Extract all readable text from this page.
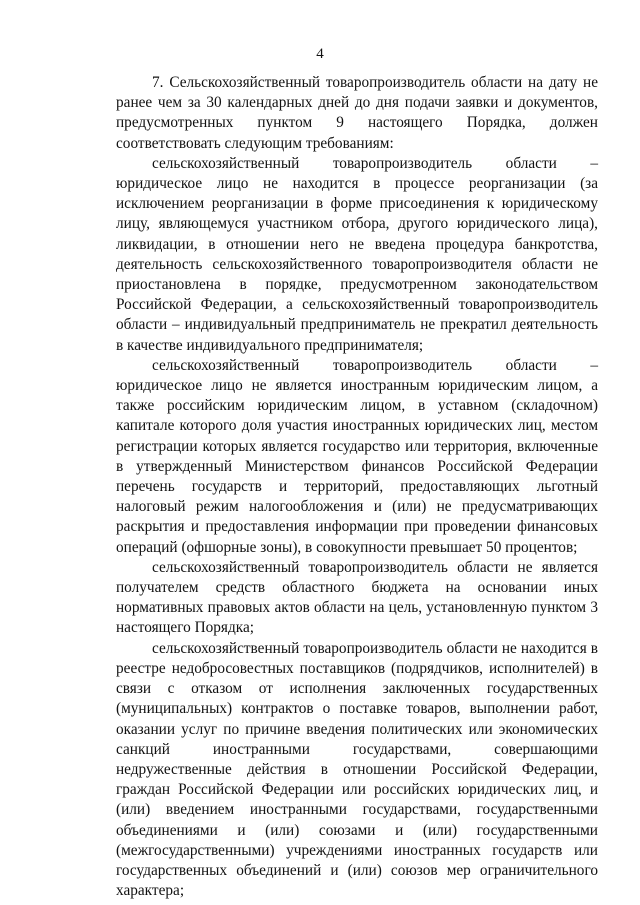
4

7. Сельскохозяйственный товаропроизводитель области на дату не ранее чем за 30 календарных дней до дня подачи заявки и документов, предусмотренных пунктом 9 настоящего Порядка, должен соответствовать следующим требованиям:

сельскохозяйственный товаропроизводитель области – юридическое лицо не находится в процессе реорганизации (за исключением реорганизации в форме присоединения к юридическому лицу, являющемуся участником отбора, другого юридического лица), ликвидации, в отношении него не введена процедура банкротства, деятельность сельскохозяйственного товаропроизводителя области не приостановлена в порядке, предусмотренном законодательством Российской Федерации, а сельскохозяйственный товаропроизводитель области – индивидуальный предприниматель не прекратил деятельность в качестве индивидуального предпринимателя;

сельскохозяйственный товаропроизводитель области – юридическое лицо не является иностранным юридическим лицом, а также российским юридическим лицом, в уставном (складочном) капитале которого доля участия иностранных юридических лиц, местом регистрации которых является государство или территория, включенные в утвержденный Министерством финансов Российской Федерации перечень государств и территорий, предоставляющих льготный налоговый режим налогообложения и (или) не предусматривающих раскрытия и предоставления информации при проведении финансовых операций (офшорные зоны), в совокупности превышает 50 процентов;

сельскохозяйственный товаропроизводитель области не является получателем средств областного бюджета на основании иных нормативных правовых актов области на цель, установленную пунктом 3 настоящего Порядка;

сельскохозяйственный товаропроизводитель области не находится в реестре недобросовестных поставщиков (подрядчиков, исполнителей) в связи с отказом от исполнения заключенных государственных (муниципальных) контрактов о поставке товаров, выполнении работ, оказании услуг по причине введения политических или экономических санкций иностранными государствами, совершающими недружественные действия в отношении Российской Федерации, граждан Российской Федерации или российских юридических лиц, и (или) введением иностранными государствами, государственными объединениями и (или) союзами и (или) государственными (межгосударственными) учреждениями иностранных государств или государственных объединений и (или) союзов мер ограничительного характера;
